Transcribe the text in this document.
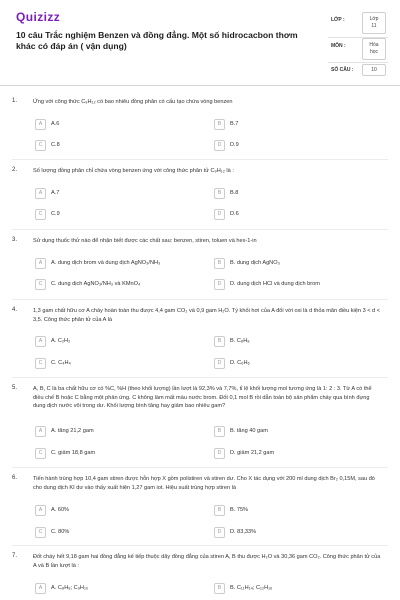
Quizizz
10 câu Trắc nghiệm Benzen và đồng đẳng. Một số hidrocacbon thơm khác có đáp án ( vận dụng)
LỚP :	Lớp
11
MÔN :	Hóa
học
SỐ CÂU :	10
1.	Ứng với công thức C₉H₁₂ có bao nhiêu đồng phân có cấu tạo chứa vòng benzen
A	A.6	B	B.7
C	C.8	D	D.9
2.	Số lượng đồng phân chỉ chứa vòng benzen ứng với công thức phân tử C₉H₁₂ là :
A	A.7	B	B.8
C	C.9	D	D.6
3.	Sử dụng thuốc thử nào để nhận biết được các chất sau: benzen, stiren, toluen và hex-1-in
A	A. dung dịch brom và dung dịch AgNO₃/NH₃	B	B. dung dịch AgNO₃
C	C. dung dịch AgNO₃/NH₃ và KMnO₄	D	D. dung dịch HCl và dung dịch brom
4.	1,3 gam chất hữu cơ A cháy hoàn toàn thu được 4,4 gam CO₂ và 0,9 gam H₂O. Tỷ khối hơi của A đối với oxi là d thỏa mãn điều kiện 3 < d < 3,5. Công thức phân tử của A là
A	A. C₂H₂	B	B. C₈H₈
C	C. C₄H₄	D	D. C₆H₆
5.	A, B, C là ba chất hữu cơ có %C, %H (theo khối lượng) lần lượt là 92,3% và 7,7%, tỉ lệ khối lượng mol tương ứng là 1: 2 : 3. Từ A có thể điều chế B hoặc C bằng một phản ứng. C không làm mất màu nước brom. Đốt 0,1 mol B rồi dẫn toàn bộ sản phẩm cháy qua bình đựng dung dịch nước vôi trong dư. Khối lượng bình tăng hay giảm bao nhiêu gam?
A	A. tăng 21,2 gam	B	B. tăng 40 gam
C	C. giảm 18,8 gam	D	D. giảm 21,2 gam
6.	Tiến hành trùng hợp 10,4 gam stiren được hỗn hợp X gồm polistiren và stiren dư. Cho X tác dụng với 200 ml dung dịch Br₂ 0,15M, sau đó cho dung dịch KI dư vào thấy xuất hiện 1,27 gam iot. Hiệu suất trùng hợp stiren là
A	A. 60%	B	B. 75%
C	C. 80%	D	D. 83,33%
7.	Đốt cháy hết 9,18 gam hai đồng đẳng kế tiếp thuộc dãy đồng đẳng của stiren A, B thu được H₂O và 30,36 gam CO₂. Công thức phân tử của A và B lần lượt là :
A	A. C₈H₈; C₉H₁₀	B	B. C₁₁H₁₄; C₁₂H₁₆
